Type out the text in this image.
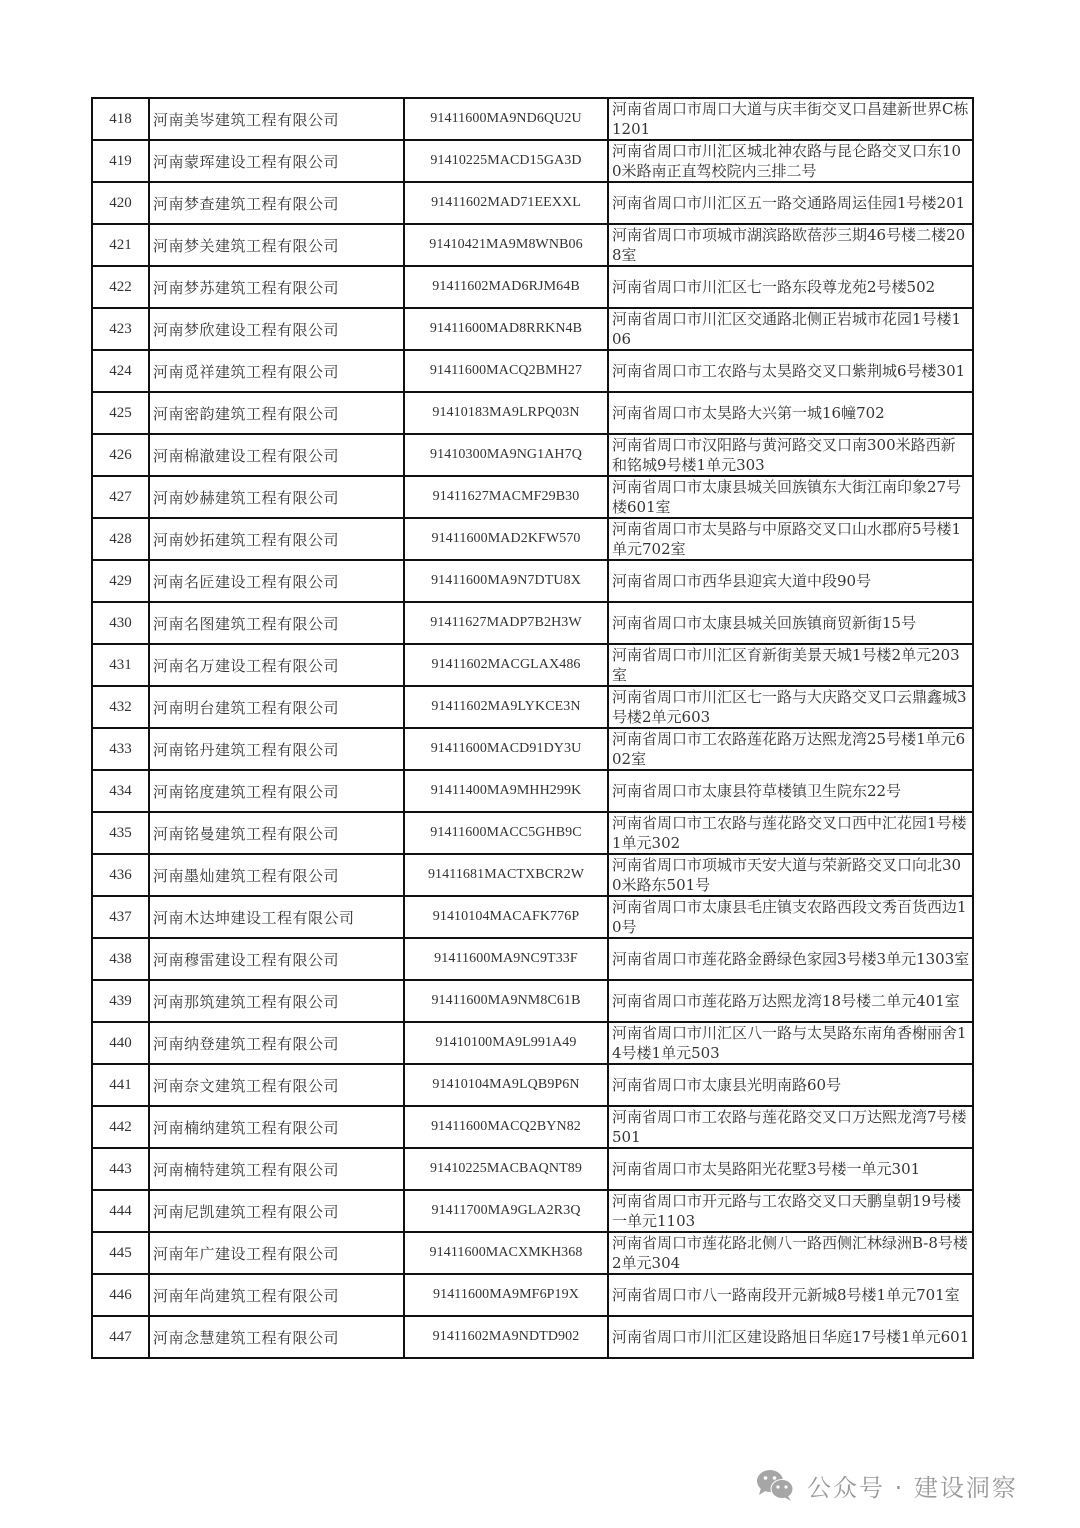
418	河南美岑建筑工程有限公司	91411600MA9ND6QU2U	河南省周口市周口大道与庆丰街交叉口昌建新世界C栋1201
419	河南蒙珲建设工程有限公司	91410225MACD15GA3D	河南省周口市川汇区城北神农路与昆仑路交叉口东100米路南正直驾校院内三排二号
420	河南梦查建筑工程有限公司	91411602MAD71EEXXL	河南省周口市川汇区五一路交通路周运佳园1号楼201
421	河南梦关建筑工程有限公司	91410421MA9M8WNB06	河南省周口市项城市湖滨路欧蓓莎三期46号楼二楼208室
422	河南梦苏建筑工程有限公司	91411602MAD6RJM64B	河南省周口市川汇区七一路东段尊龙苑2号楼502
423	河南梦欣建设工程有限公司	91411600MAD8RRKN4B	河南省周口市川汇区交通路北侧正岩城市花园1号楼106
424	河南觅祥建筑工程有限公司	91411600MACQ2BMH27	河南省周口市工农路与太昊路交叉口紫荆城6号楼301
425	河南密韵建筑工程有限公司	91410183MA9LRPQ03N	河南省周口市太昊路大兴第一城16幢702
426	河南棉澈建设工程有限公司	91410300MA9NG1AH7Q	河南省周口市汉阳路与黄河路交叉口南300米路西新和铭城9号楼1单元303
427	河南妙赫建筑工程有限公司	91411627MACMF29B30	河南省周口市太康县城关回族镇东大街江南印象27号楼601室
428	河南妙拓建筑工程有限公司	91411600MAD2KFW570	河南省周口市太昊路与中原路交叉口山水郡府5号楼1单元702室
429	河南名匠建设工程有限公司	91411600MA9N7DTU8X	河南省周口市西华县迎宾大道中段90号
430	河南名图建筑工程有限公司	91411627MADP7B2H3W	河南省周口市太康县城关回族镇商贸新街15号
431	河南名万建设工程有限公司	91411602MACGLAX486	河南省周口市川汇区育新街美景天城1号楼2单元203室
432	河南明台建筑工程有限公司	91411602MA9LYKCE3N	河南省周口市川汇区七一路与大庆路交叉口云鼎鑫城3号楼2单元603
433	河南铭丹建筑工程有限公司	91411600MACD91DY3U	河南省周口市工农路莲花路万达熙龙湾25号楼1单元602室
434	河南铭度建筑工程有限公司	91411400MA9MHH299K	河南省周口市太康县符草楼镇卫生院东22号
435	河南铭曼建筑工程有限公司	91411600MACC5GHB9C	河南省周口市工农路与莲花路交叉口西中汇花园1号楼1单元302
436	河南墨灿建筑工程有限公司	91411681MACTXBCR2W	河南省周口市项城市天安大道与荣新路交叉口向北300米路东501号
437	河南木达坤建设工程有限公司	91410104MACAFK776P	河南省周口市太康县毛庄镇支农路西段文秀百货西边10号
438	河南穆雷建设工程有限公司	91411600MA9NC9T33F	河南省周口市莲花路金爵绿色家园3号楼3单元1303室
439	河南那筑建筑工程有限公司	91411600MA9NM8C61B	河南省周口市莲花路万达熙龙湾18号楼二单元401室
440	河南纳登建筑工程有限公司	91410100MA9L991A49	河南省周口市川汇区八一路与太昊路东南角香榭丽舍14号楼1单元503
441	河南奈文建筑工程有限公司	91410104MA9LQB9P6N	河南省周口市太康县光明南路60号
442	河南楠纳建筑工程有限公司	91411600MACQ2BYN82	河南省周口市工农路与莲花路交叉口万达熙龙湾7号楼501
443	河南楠特建筑工程有限公司	91410225MACBAQNT89	河南省周口市太昊路阳光花墅3号楼一单元301
444	河南尼凯建筑工程有限公司	91411700MA9GLA2R3Q	河南省周口市开元路与工农路交叉口天鹏皇朝19号楼一单元1103
445	河南年广建设工程有限公司	91411600MACXMKH368	河南省周口市莲花路北侧八一路西侧汇林绿洲B-8号楼2单元304
446	河南年尚建筑工程有限公司	91411600MA9MF6P19X	河南省周口市八一路南段开元新城8号楼1单元701室
447	河南念慧建筑工程有限公司	91411602MA9NDTD902	河南省周口市川汇区建设路旭日华庭17号楼1单元601
公众号 · 建设洞察
